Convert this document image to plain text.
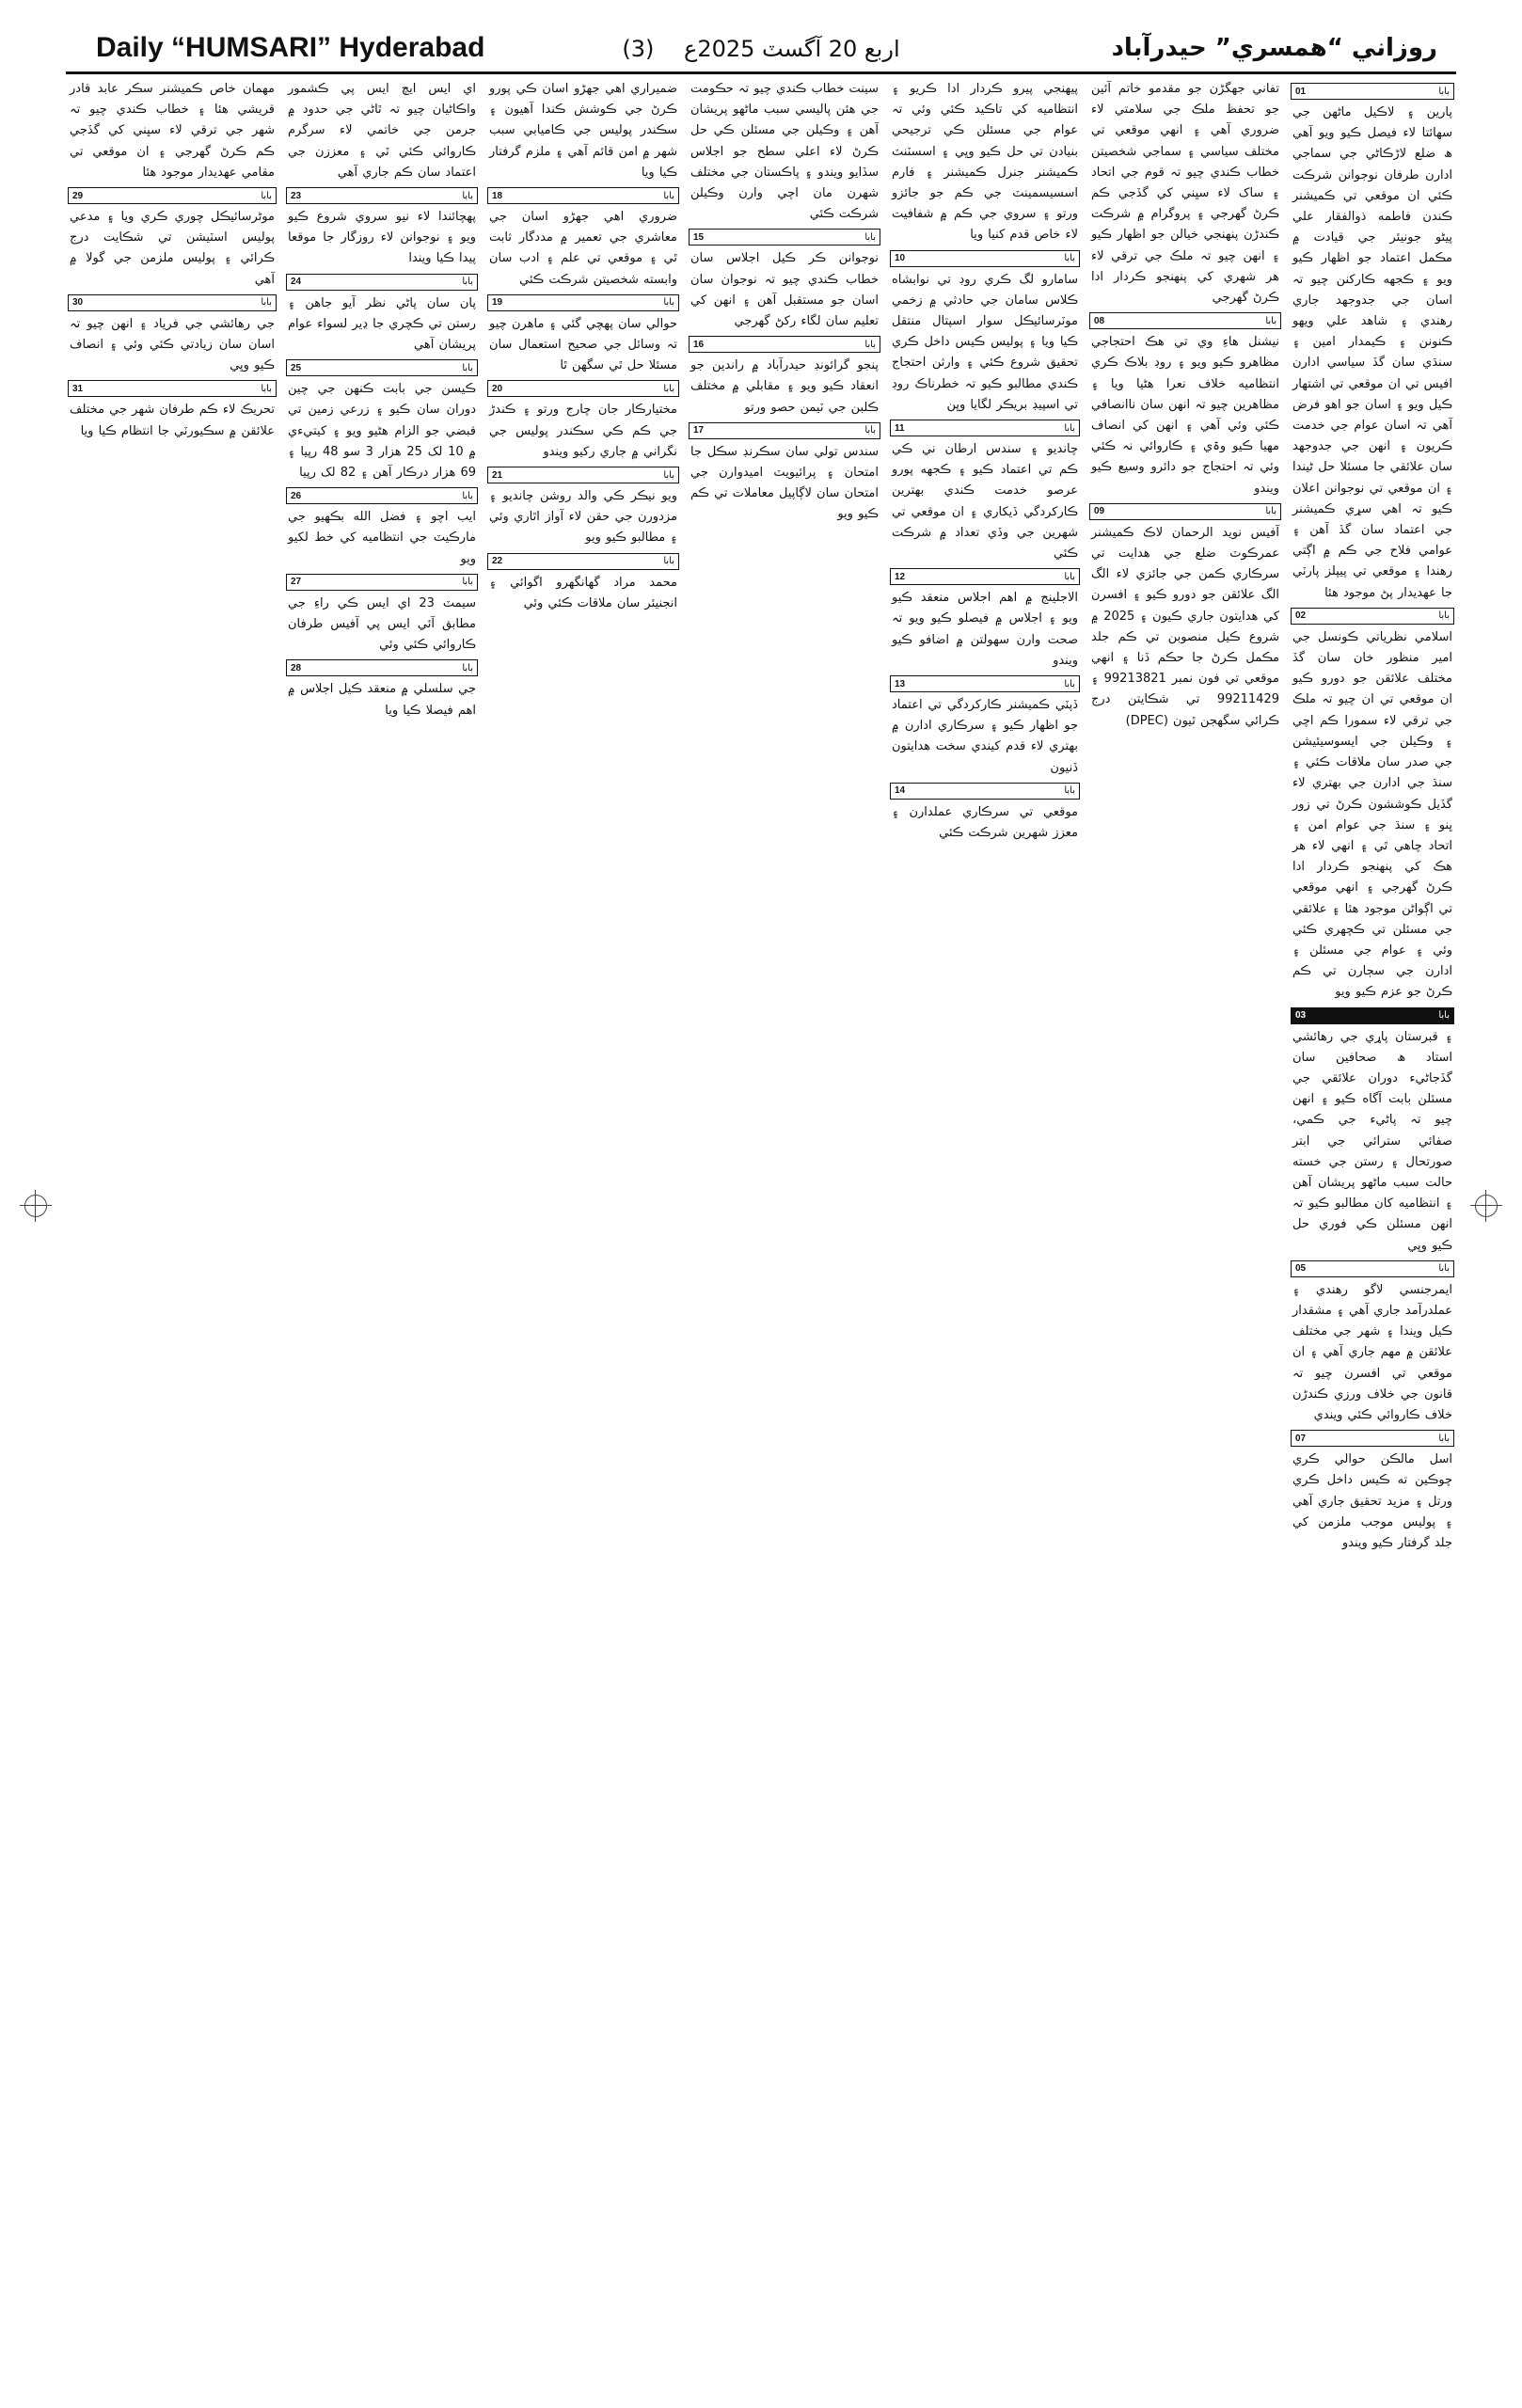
Daily “HUMSARI” Hyderabad	(3) اربع 20 آگسٽ 2025ع	روزاني “همسري” حيدرآباد
01	بابا
پارين ۽ لاڪيل ماڻهن جي سهائتا لاء فيصل ڪيو ويو آهي ھ ضلع لاڑڪاڻي جي سماجي ادارن طرفان نوجوانن شرڪت ڪئي ان موقعي تي ڪميشنر ڪندن فاطمه ذوالفقار علي پيٹو جونيئر جي قيادت ۾ مڪمل اعتماد جو اظهار ڪيو ويو ۽ ڪجهه ڪارکنن چيو تہ اسان جي جدوجهد جاري رهندي ۽ شاهد علي ويهو ڪنونن ۽ ڪيمدار امين ۽ سنڌي سان گڏ سياسي ادارن افيس تي ان موقعي تي اشتهار ڪيل ويو ۽ اسان جو اهو فرض آهي تہ اسان عوام جي خدمت ڪريون ۽ انهن جي جدوجهد سان علائقي جا مسئلا حل ٹيندا ۽ ان موقعي تي نوجوانن اعلان ڪيو تہ اهي سړي ڪميشنر جي اعتماد سان گڏ آهن ۽ عوامي فلاح جي ڪم ۾ اڳتي رهندا ۽ موقعي تي پيپلز پارٽي جا عهديدار پڻ موجود هئا
02	بابا
اسلامي نظرياتي ڪونسل جي امير منظور خان سان گڏ مختلف علائقن جو دورو ڪيو ان موقعي تي ان چيو تہ ملڪ جي ترقي لاء سمورا ڪم اچي ۽ وڪيلن جي ايسوسيئيشن جي صدر سان ملاقات ڪئي ۽ سنڌ جي ادارن جي بهتري لاء گڏيل ڪوششون ڪرڻ تي زور ڀنو ۽ سنڌ جي عوام امن ۽ اتحاد چاهي ٿي ۽ انهي لاء هر هڪ کي پنهنجو ڪردار ادا ڪرڻ گهرجي ۽ انهي موقعي تي اڳواڻن موجود هئا ۽ علائقي جي مسئلن تي ڪچهري ڪئي وئي ۽ عوام جي مسئلن ۽ ادارن جي سڄارن تي ڪم ڪرڻ جو عزم ڪيو ويو
03	بابا
۽ قبرستان پاړي جي رهائشي استاد ھ صحافين سان گڏجاڻيء دوران علائقي جي مسئلن بابت آگاه ڪيو ۽ انهن چيو تہ پاڻيء جي ڪمي، صفائي سترائي جي ابتر صورتحال ۽ رستن جي خسته حالت سبب ماڻهو پريشان آهن ۽ انتظاميه کان مطالبو ڪيو تہ انهن مسئلن ڪي فوري حل ڪيو وڀي
05	بابا
ايمرجنسي لاگو رهندي ۽ عملدرآمد جاري آهي ۽ مشقدار ڪيل ويندا ۽ شهر جي مختلف علائقن ۾ مهم جاري آهي ۽ ان موقعي تي افسرن چيو تہ قانون جي خلاف ورزي ڪندڑن خلاف ڪاروائي ڪئي ويندي
07	بابا
اسل مالڪن حوالي ڪري چوڪين ته ڪيس داخل ڪري ورتل ۽ مزيد تحقيق جاري آهي ۽ پوليس موجب ملزمن کي جلد گرفتار ڪيو ويندو
تفاني جھگڑن جو مقدمو خاتم آئين جو تحفظ ملڪ جي سلامتي لاء ضروري آهي ۽ انهي موقعي تي مختلف سياسي ۽ سماجي شخصيتن خطاب ڪندي چيو تہ قوم جي اتحاد ۽ ساک لاء سڀني کي گڏجي ڪم ڪرڻ گهرجي ۽ پروگرام ۾ شرڪت ڪندڑن پنهنجي خيالن جو اظهار ڪيو ۽ انهن چيو تہ ملڪ جي ترقي لاء هر شهري کي پنهنجو ڪردار ادا ڪرڻ گهرجي
08	بابا
نيشنل هاءِ وي تي هڪ احتجاجي مظاهرو ڪيو ويو ۽ روڊ بلاڪ ڪري انتظاميه خلاف نعرا هڻيا ويا ۽ مظاهرين چيو تہ انهن سان ناانصافي ڪئي وئي آهي ۽ انهن کي انصاف مهيا ڪيو وۃي ۽ ڪاروائي نہ ڪئي وئي تہ احتجاج جو دائرو وسيع ڪيو ويندو
09	بابا
آفيس نويد الرحمان لاڪ ڪميشنر عمرڪوٽ ضلع جي هدايت تي سرڪاري ڪمن جي جائزي لاء الگ الگ علائقن جو دورو ڪيو ۽ افسرن کي هدايتون جاري ڪيون ۽ 2025 ۾ شروع ڪيل منصوبن تي ڪم جلد مڪمل ڪرڻ جا حڪم ڏنا ۽ انهي موقعي تي فون نمبر 99213821 ۽ 99211429 تي شڪايتن درج ڪرائي سگهجن ٿيون (DPEC)
پيهنجي پيرو ڪردار ادا ڪريو ۽ انتظاميه کي تاڪيد ڪئي وئي تہ عوام جي مسئلن ڪي ترجيحي بنيادن تي حل ڪيو وڀي ۽ اسسٽنٽ ڪميشنر جنرل ڪميشنر ۽ فارم اسسيسمينٽ جي ڪم جو جائزو ورتو ۽ سروي جي ڪم ۾ شفافيت لاء خاص قدم کنيا ويا
10	بابا
سامارو لگ ڪري روڊ تي نوابشاه ڪلاس سامان جي حادثي ۾ زخمي موٽرسائيڪل سوار اسپتال منتقل ڪيا ويا ۽ پوليس ڪيس داخل ڪري تحقيق شروع ڪئي ۽ وارثن احتجاج ڪندي مطالبو ڪيو تہ خطرناڪ روڊ تي اسپيڊ بريڪر لگايا وڀن
11	بابا
چانديو ۽ سندس ارطان ني ڪي ڪم تي اعتماد ڪيو ۽ ڪجهه پورو عرصو خدمت ڪندي بهترين ڪارکردگي ڏيکاري ۽ ان موقعي تي شهرين جي وڏي تعداد ۾ شرڪت ڪئي
12	بابا
الاجلينج ۾ اهم اجلاس منعقد ڪيو ويو ۽ اجلاس ۾ فيصلو ڪيو ويو تہ صحت وارن سهولتن ۾ اضافو ڪيو ويندو
13	بابا
ڏپٽي ڪميشنر ڪارکردگي تي اعتماد جو اظهار ڪيو ۽ سرڪاري ادارن ۾ بهتري لاء قدم کيندي سخت هدايتون ڏنيون
14	بابا
موقعي تي سرڪاري عملدارن ۽ معزز شهرين شرڪت ڪئي
سينت خطاب ڪندي چيو تہ حڪومت جي هئن پاليسي سبب ماڻهو پريشان آهن ۽ وڪيلن جي مسئلن ڪي حل ڪرڻ لاء اعلي سطح جو اجلاس سڏايو ويندو ۽ پاڪستان جي مختلف شهرن مان اچي وارن وڪيلن شرڪت ڪئي
15	بابا
نوجوانن ڪر ڪيل اجلاس سان خطاب ڪندي چيو تہ نوجوان سان اسان جو مستقبل آهن ۽ انهن کي تعليم سان لگاء رکڻ گهرجي
16	بابا
پنجو گرائونڊ حيدرآباد ۾ راندين جو انعقاد ڪيو ويو ۽ مقابلي ۾ مختلف ڪلبن جي ٽيمن حصو ورتو
17	بابا
سندس تولي سان سڪرنڊ سڪل جا امتحان ۽ پرائيويٽ اميدوارن جي امتحان سان لاڳاپيل معاملات تي ڪم ڪيو ويو
ضميراري اهي جهڑو اسان ڪي پورو ڪرڻ جي ڪوشش ڪندا آهيون ۽ سڪندر پوليس جي ڪاميابي سبب شهر ۾ امن قائم آهي ۽ ملزم گرفتار ڪيا ويا
18	بابا
ضروري اهي جهڑو اسان جي معاشري جي تعمير ۾ مددگار ثابت ٿي ۽ موقعي تي علم ۽ ادب سان وابسته شخصيتن شرڪت ڪئي
19	بابا
حوالي سان پهچي گئي ۽ ماهرن چيو تہ وسائل جي صحيح استعمال سان مسئلا حل ٿي سگهن ٿا
20	بابا
مختيارڪار جان چارج ورتو ۽ ڪندڑ جي ڪم ڪي سڪندر پوليس جي نگراني ۾ جاري رکيو ويندو
21	بابا
ويو نيڪر ڪي والد روشن چانديو ۽ مزدورن جي حقن لاء آواز اٿاري وئي ۽ مطالبو ڪيو ويو
22	بابا
محمد مراد گهانگهرو اگوائي ۽ انجنيئر سان ملاقات ڪئي وئي
اي ايس ايچ ايس پي ڪشمور واڪاڻيان چيو تہ ٿاڻي جي حدود ۾ جرمن جي خاتمي لاء سرگرم ڪاروائي ڪئي ٿي ۽ معززن جي اعتماد سان ڪم جاري آهي
23	بابا
پهچائندا لاء نيو سروي شروع ڪيو ويو ۽ نوجوانن لاء روزگار جا موقعا پيدا ڪيا ويندا
24	بابا
پان سان پاڻي نظر آيو جاهن ۽ رستن تي ڪچري جا ڍير لسواء عوام پريشان آهي
25	بابا
ڪيسن جي بابت ڪنهن جي چين دوران سان ڪيو ۽ زرعي زمين تي قبضي جو الزام هڻيو ويو ۽ کيتيءي ۾ 10 لک 25 هزار 3 سو 48 رپيا ۽ 69 هزار درڪار آهن ۽ 82 لک رپيا
26	بابا
ايب اچو ۽ فضل الله بڪهيو جي مارڪيٽ جي انتظاميه کي خط لکيو ويو
27	بابا
سيمٽ 23 اي ايس ڪي راءِ جي مطابق آئي ايس پي آفيس طرفان ڪاروائي ڪئي وئي
28	بابا
جي سلسلي ۾ منعقد ڪيل اجلاس ۾ اهم فيصلا ڪيا ويا
مهمان خاص ڪميشنر سڪر عابد قادر قريشي هئا ۽ خطاب ڪندي چيو تہ شهر جي ترقي لاء سڀني کي گڏجي ڪم ڪرڻ گهرجي ۽ ان موقعي تي مقامي عهديدار موجود هئا
29	بابا
موٹرسائيڪل چوري ڪري ويا ۽ مدعي پوليس اسٽيشن تي شڪايت درج ڪرائي ۽ پوليس ملزمن جي گولا ۾ آهي
30	بابا
جي رهائشي جي فرياد ۽ انهن چيو تہ اسان سان زيادتي ڪئي وئي ۽ انصاف ڪيو وڀي
31	بابا
تحريڪ لاء ڪم طرفان شهر جي مختلف علائقن ۾ سڪيورٽي جا انتظام ڪيا ويا
